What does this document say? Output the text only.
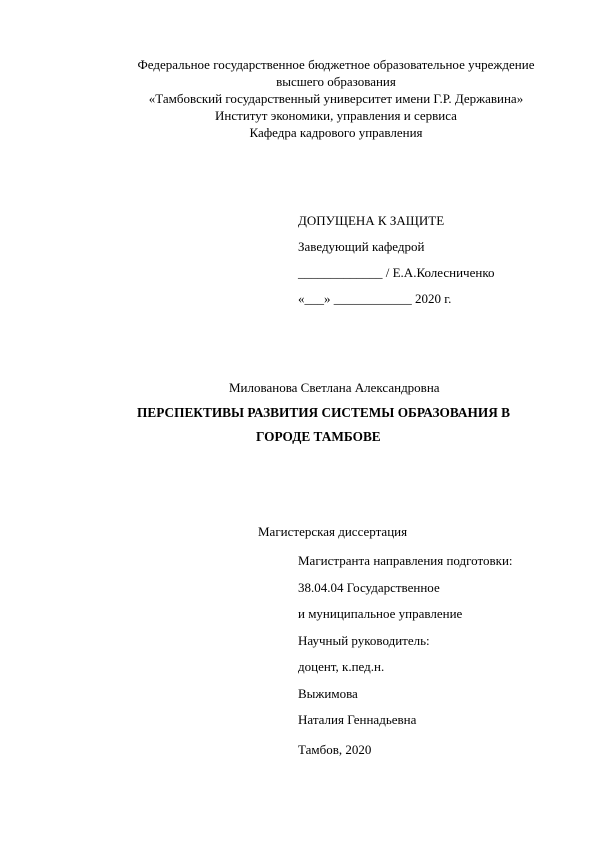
Федеральное государственное бюджетное образовательное учреждение
высшего образования
«Тамбовский государственный университет имени Г.Р. Державина»
Институт экономики, управления и сервиса
Кафедра кадрового управления
ДОПУЩЕНА К ЗАЩИТЕ
Заведующий кафедрой
_____________ / Е.А.Колесниченко
«___» ____________ 2020 г.
Милованова Светлана Александровна
ПЕРСПЕКТИВЫ РАЗВИТИЯ СИСТЕМЫ ОБРАЗОВАНИЯ В
ГОРОДЕ ТАМБОВЕ
Магистерская диссертация
Магистранта направления подготовки:
38.04.04 Государственное
и муниципальное управление
Научный руководитель:
доцент, к.пед.н.
Выжимова
Наталия Геннадьевна
Тамбов, 2020
